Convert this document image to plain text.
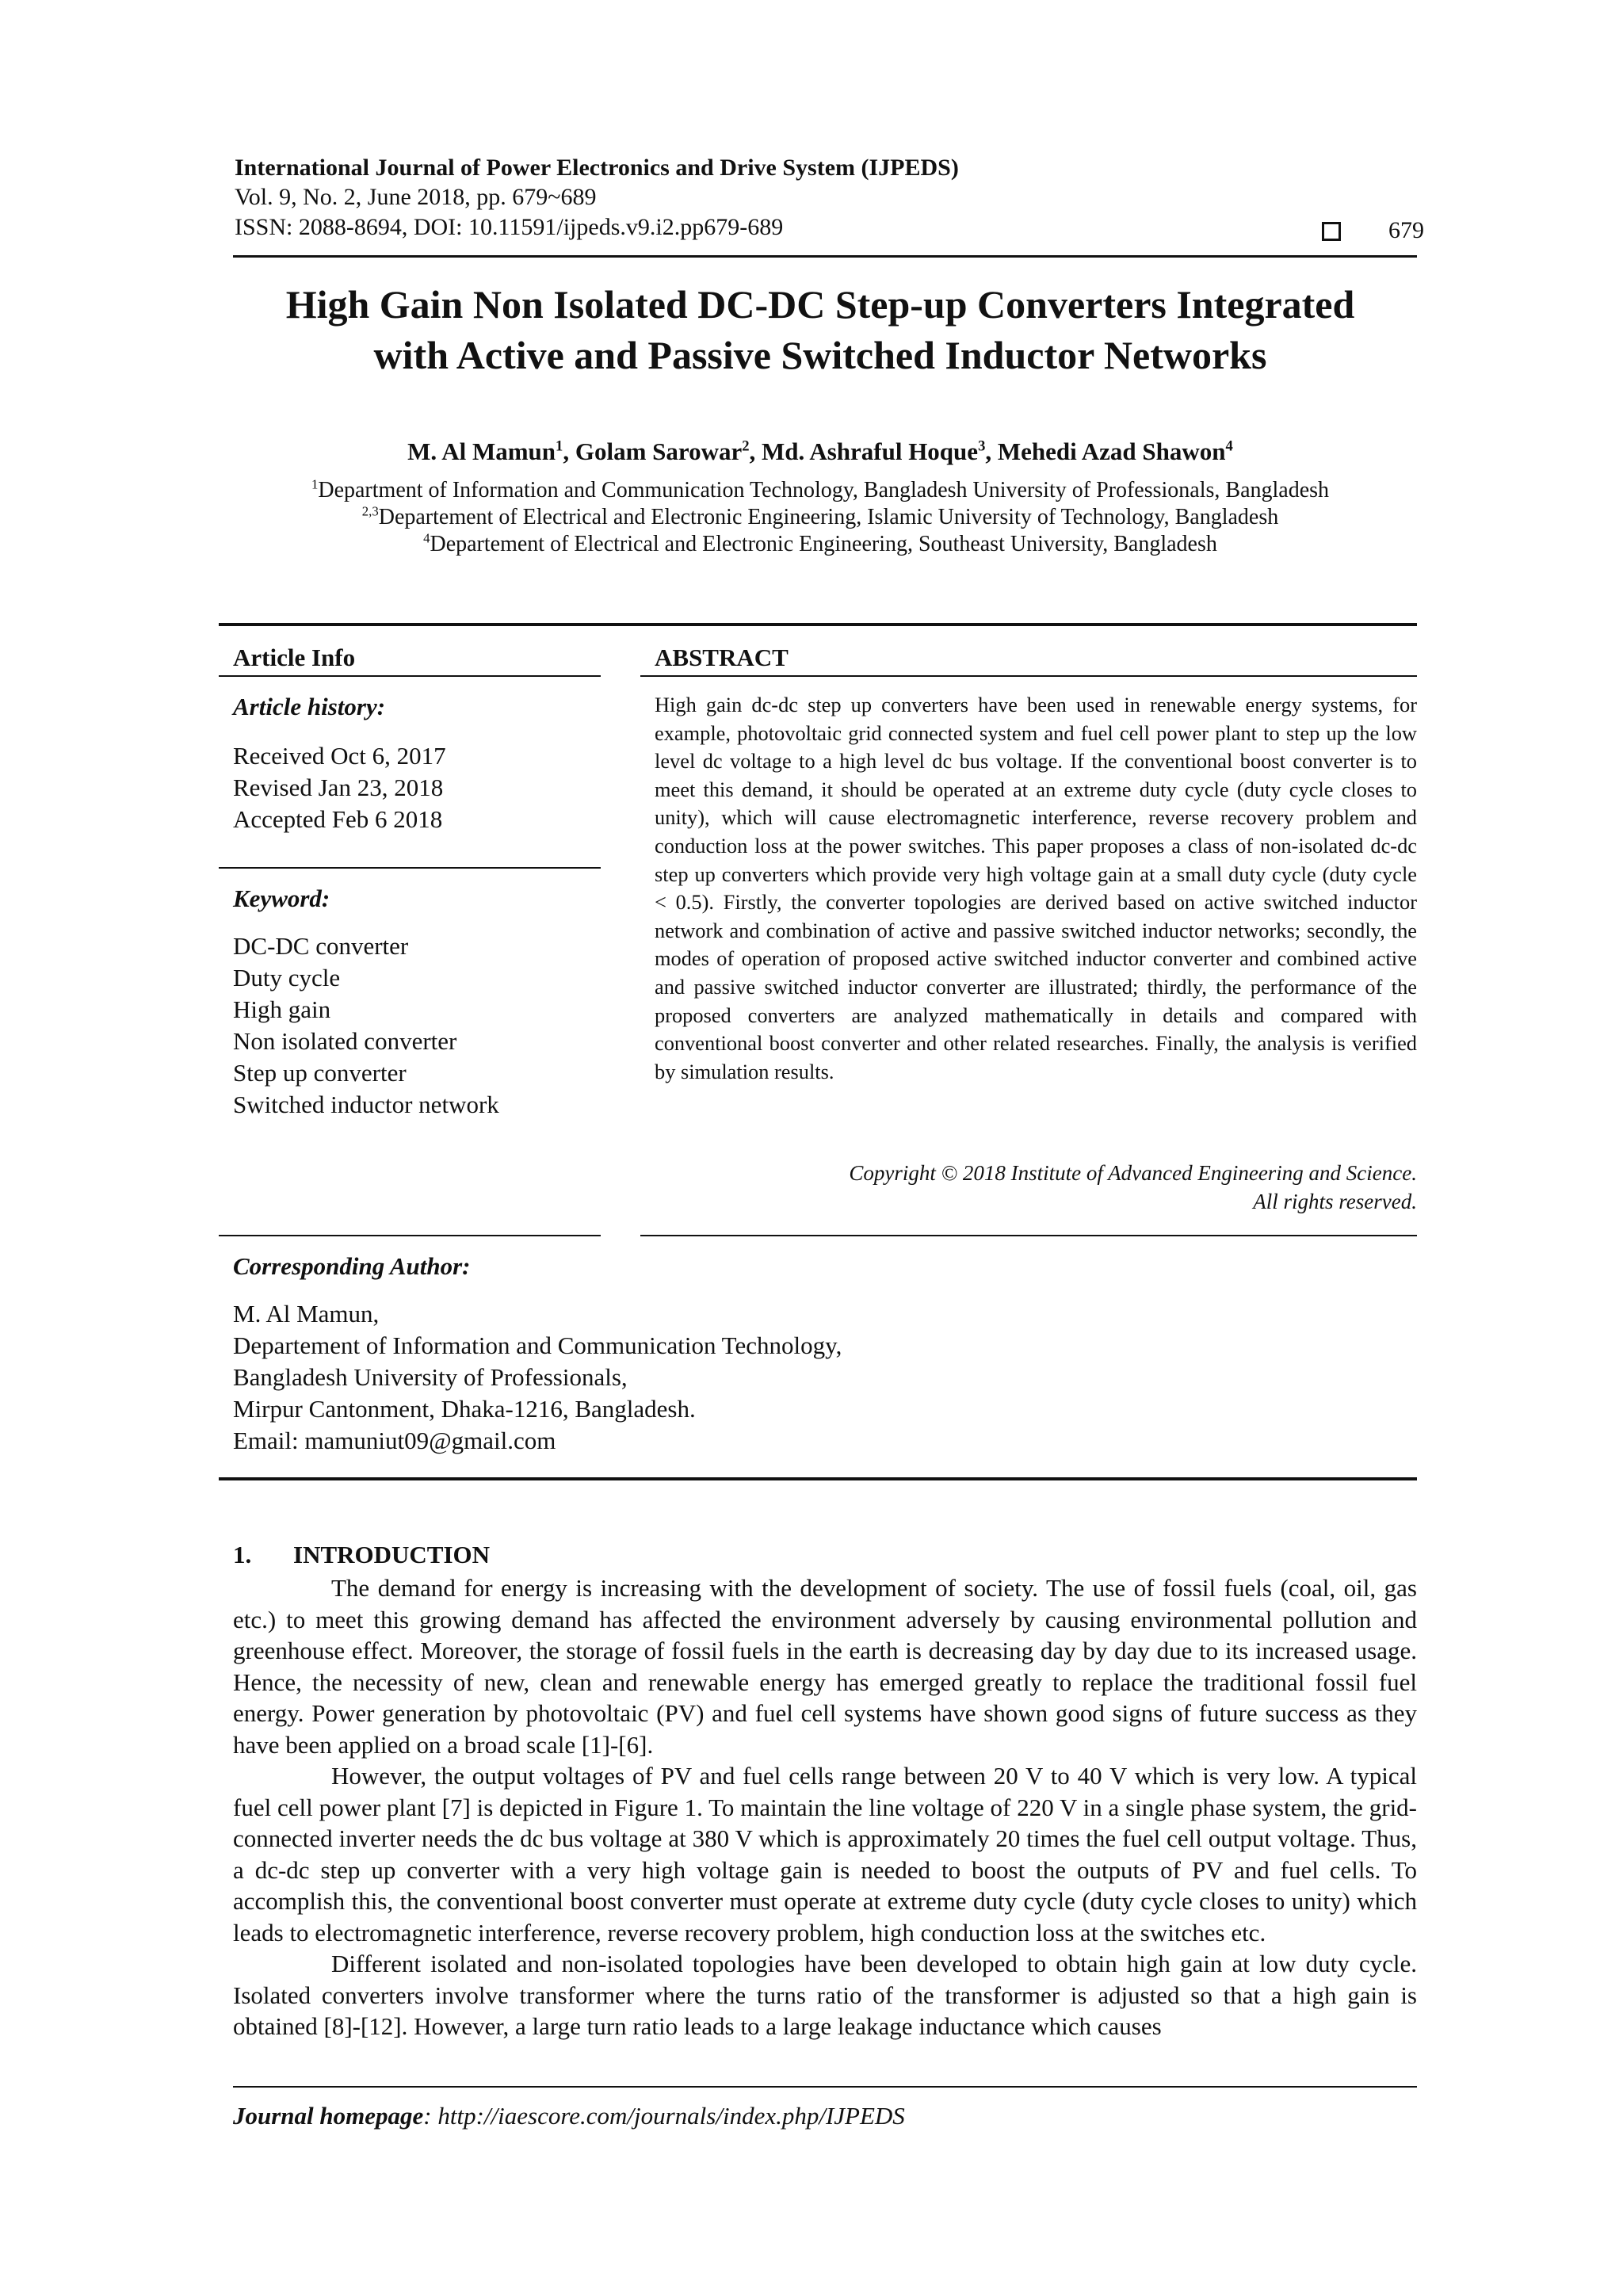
International Journal of Power Electronics and Drive System (IJPEDS)
Vol. 9, No. 2, June 2018, pp. 679~689
ISSN: 2088-8694, DOI: 10.11591/ijpeds.v9.i2.pp679-689	679
High Gain Non Isolated DC-DC Step-up Converters Integrated
with Active and Passive Switched Inductor Networks
M. Al Mamun$^1$, Golam Sarowar$^2$, Md. Ashraful Hoque$^3$, Mehedi Azad Shawon$^4$
$^1$Department of Information and Communication Technology, Bangladesh University of Professionals, Bangladesh
$^{2,3}$Departement of Electrical and Electronic Engineering, Islamic University of Technology, Bangladesh
$^4$Departement of Electrical and Electronic Engineering, Southeast University, Bangladesh
Article Info
Article history:
Received Oct 6, 2017
Revised Jan 23, 2018
Accepted Feb 6 2018
Keyword:
DC-DC converter
Duty cycle
High gain
Non isolated converter
Step up converter
Switched inductor network
ABSTRACT

High gain dc-dc step up converters have been used in renewable energy systems, for example, photovoltaic grid connected system and fuel cell power plant to step up the low level dc voltage to a high level dc bus voltage. If the conventional boost converter is to meet this demand, it should be operated at an extreme duty cycle (duty cycle closes to unity), which will cause electromagnetic interference, reverse recovery problem and conduction loss at the power switches. This paper proposes a class of non-isolated dc-dc step up converters which provide very high voltage gain at a small duty cycle (duty cycle < 0.5). Firstly, the converter topologies are derived based on active switched inductor network and combination of active and passive switched inductor networks; secondly, the modes of operation of proposed active switched inductor converter and combined active and passive switched inductor converter are illustrated; thirdly, the performance of the proposed converters are analyzed mathematically in details and compared with conventional boost converter and other related researches. Finally, the analysis is verified by simulation results.

Copyright © 2018 Institute of Advanced Engineering and Science.
All rights reserved.
Corresponding Author:
M. Al Mamun,
Departement of Information and Communication Technology,
Bangladesh University of Professionals,
Mirpur Cantonment, Dhaka-1216, Bangladesh.
Email: mamuniut09@gmail.com
1. INTRODUCTION

The demand for energy is increasing with the development of society. The use of fossil fuels (coal, oil, gas etc.) to meet this growing demand has affected the environment adversely by causing environmental pollution and greenhouse effect. Moreover, the storage of fossil fuels in the earth is decreasing day by day due to its increased usage. Hence, the necessity of new, clean and renewable energy has emerged greatly to replace the traditional fossil fuel energy. Power generation by photovoltaic (PV) and fuel cell systems have shown good signs of future success as they have been applied on a broad scale [1]-[6].

However, the output voltages of PV and fuel cells range between 20 V to 40 V which is very low. A typical fuel cell power plant [7] is depicted in Figure 1. To maintain the line voltage of 220 V in a single phase system, the grid-connected inverter needs the dc bus voltage at 380 V which is approximately 20 times the fuel cell output voltage. Thus, a dc-dc step up converter with a very high voltage gain is needed to boost the outputs of PV and fuel cells. To accomplish this, the conventional boost converter must operate at extreme duty cycle (duty cycle closes to unity) which leads to electromagnetic interference, reverse recovery problem, high conduction loss at the switches etc.

Different isolated and non-isolated topologies have been developed to obtain high gain at low duty cycle. Isolated converters involve transformer where the turns ratio of the transformer is adjusted so that a high gain is obtained [8]-[12]. However, a large turn ratio leads to a large leakage inductance which causes

Journal homepage: http://iaescore.com/journals/index.php/IJPEDS
